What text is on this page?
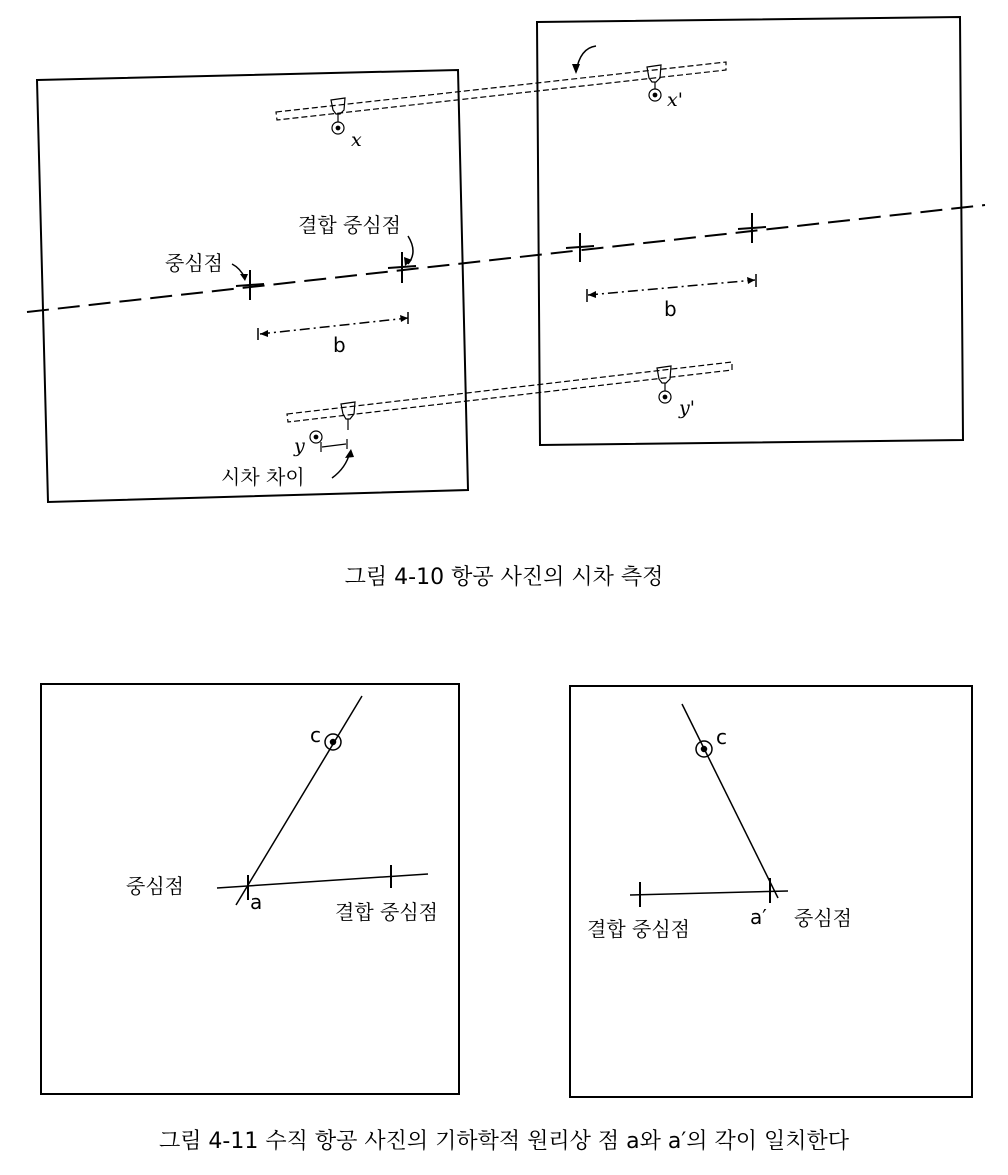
중심점
결합 중심점
b
b
x
x'
y
y'
시차 차이
그림 4-10 항공 사진의 시차 측정
c
a
중심점
결합 중심점
c
a′ 중심점
결합 중심점
그림 4-11 수직 항공 사진의 기하학적 원리상 점 a와 a′의 각이 일치한다
